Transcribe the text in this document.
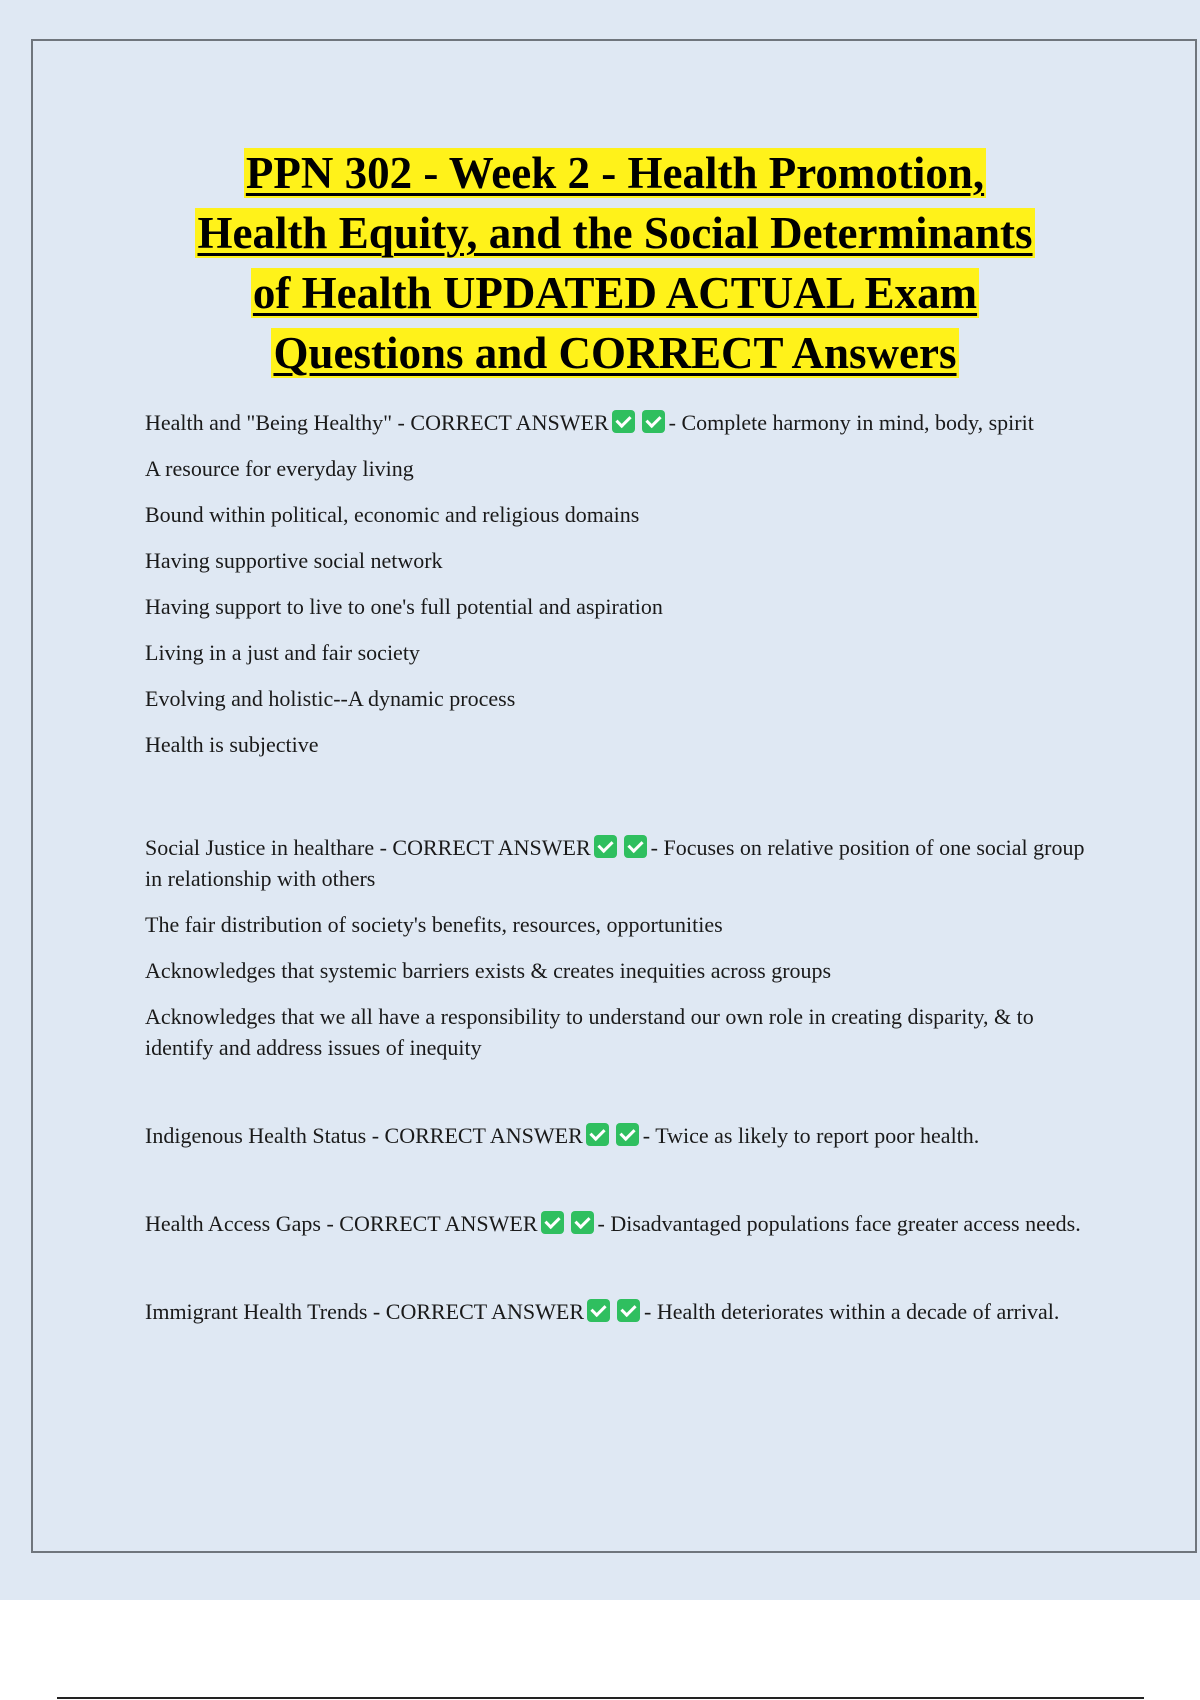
PPN 302 - Week 2 - Health Promotion,
Health Equity, and the Social Determinants
of Health UPDATED ACTUAL Exam
Questions and CORRECT Answers

Health and "Being Healthy" - CORRECT ANSWER	- Complete harmony in mind, body, spirit

A resource for everyday living

Bound within political, economic and religious domains

Having supportive social network

Having support to live to one's full potential and aspiration

Living in a just and fair society

Evolving and holistic--A dynamic process

Health is subjective

Social Justice in healthare - CORRECT ANSWER	- Focuses on relative position of one social group in relationship with others

The fair distribution of society's benefits, resources, opportunities

Acknowledges that systemic barriers exists & creates inequities across groups

Acknowledges that we all have a responsibility to understand our own role in creating disparity, & to identify and address issues of inequity

Indigenous Health Status - CORRECT ANSWER	- Twice as likely to report poor health.

Health Access Gaps - CORRECT ANSWER	- Disadvantaged populations face greater access needs.

Immigrant Health Trends - CORRECT ANSWER	- Health deteriorates within a decade of arrival.
